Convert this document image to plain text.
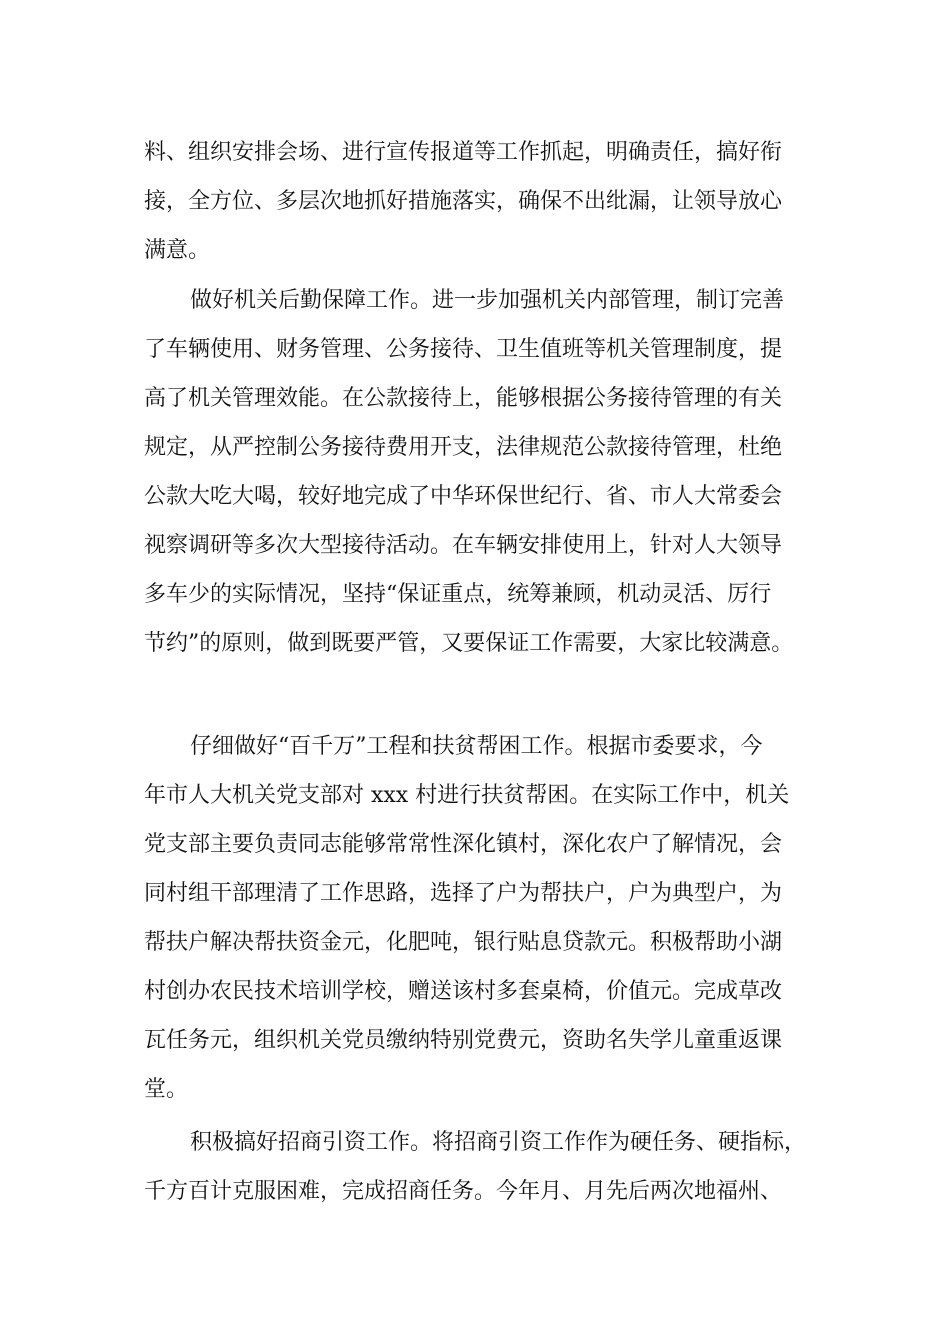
料、组织安排会场、进行宣传报道等工作抓起，明确责任，搞好衔
接，全方位、多层次地抓好措施落实，确保不出纰漏，让领导放心
满意。

做好机关后勤保障工作。进一步加强机关内部管理，制订完善
了车辆使用、财务管理、公务接待、卫生值班等机关管理制度，提
高了机关管理效能。在公款接待上，能够根据公务接待管理的有关
规定，从严控制公务接待费用开支，法律规范公款接待管理，杜绝
公款大吃大喝，较好地完成了中华环保世纪行、省、市人大常委会
视察调研等多次大型接待活动。在车辆安排使用上，针对人大领导
多车少的实际情况，坚持“保证重点，统筹兼顾，机动灵活、厉行
节约”的原则，做到既要严管，又要保证工作需要，大家比较满意。

仔细做好“百千万”工程和扶贫帮困工作。根据市委要求，今
年市人大机关党支部对 xxx 村进行扶贫帮困。在实际工作中，机关
党支部主要负责同志能够常常性深化镇村，深化农户了解情况，会
同村组干部理清了工作思路，选择了户为帮扶户，户为典型户，为
帮扶户解决帮扶资金元，化肥吨，银行贴息贷款元。积极帮助小湖
村创办农民技术培训学校，赠送该村多套桌椅，价值元。完成草改
瓦任务元，组织机关党员缴纳特别党费元，资助名失学儿童重返课
堂。

积极搞好招商引资工作。将招商引资工作作为硬任务、硬指标，
千方百计克服困难，完成招商任务。今年月、月先后两次地福州、
